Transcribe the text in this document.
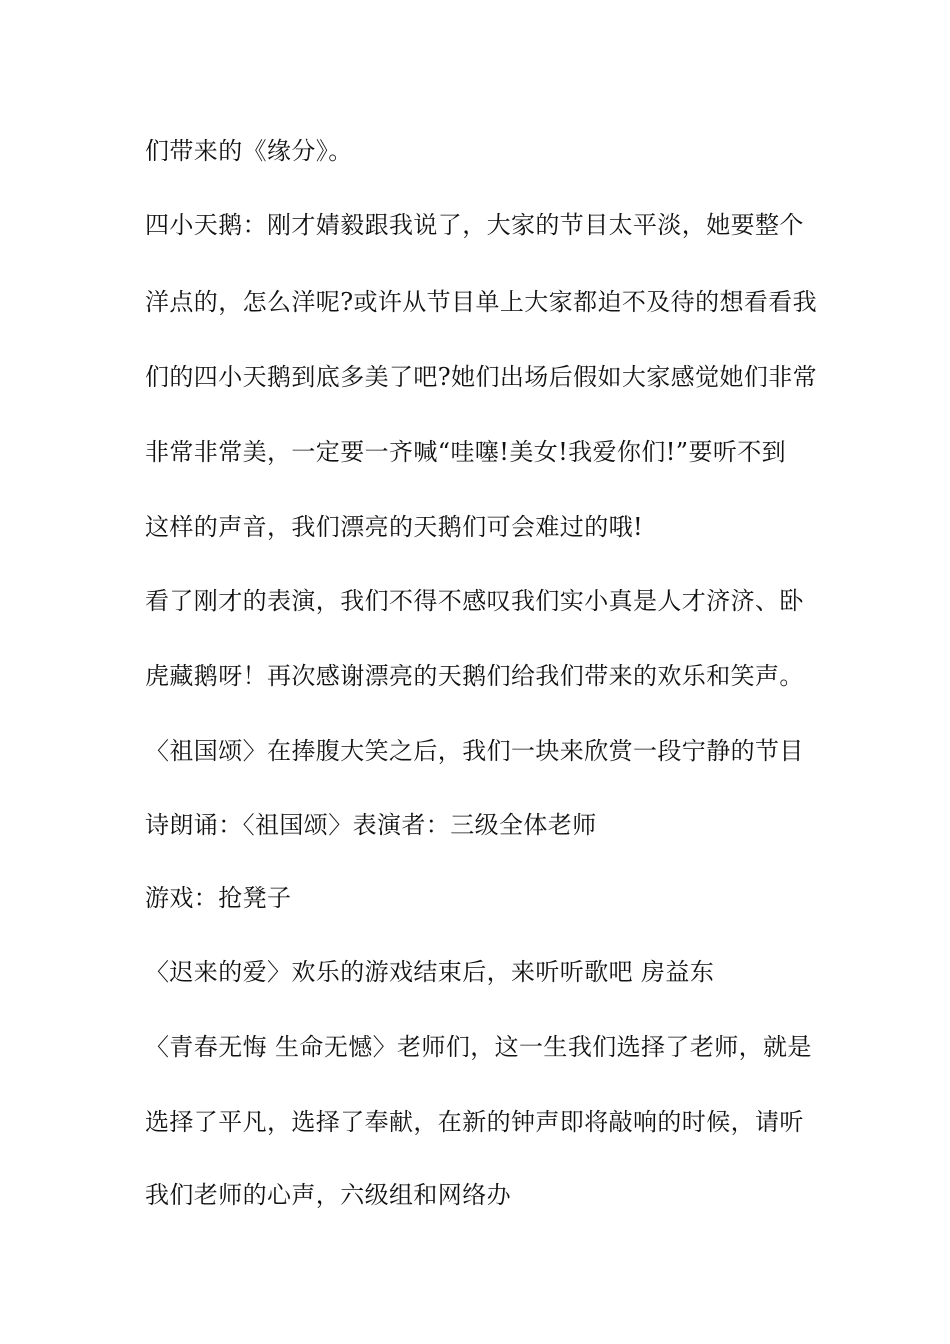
们带来的《缘分》。
四小天鹅：刚才婧毅跟我说了，大家的节目太平淡，她要整个
洋点的，怎么洋呢?或许从节目单上大家都迫不及待的想看看我
们的四小天鹅到底多美了吧?她们出场后假如大家感觉她们非常
非常非常美，一定要一齐喊“哇噻!美女!我爱你们!”要听不到
这样的声音，我们漂亮的天鹅们可会难过的哦!
看了刚才的表演，我们不得不感叹我们实小真是人才济济、卧
虎藏鹅呀！再次感谢漂亮的天鹅们给我们带来的欢乐和笑声。
〈祖国颂〉在捧腹大笑之后，我们一块来欣赏一段宁静的节目
诗朗诵：〈祖国颂〉表演者：三级全体老师
游戏：抢凳子
〈迟来的爱〉欢乐的游戏结束后，来听听歌吧 房益东
〈青春无悔 生命无憾〉老师们，这一生我们选择了老师，就是
选择了平凡，选择了奉献，在新的钟声即将敲响的时候，请听
我们老师的心声，六级组和网络办
